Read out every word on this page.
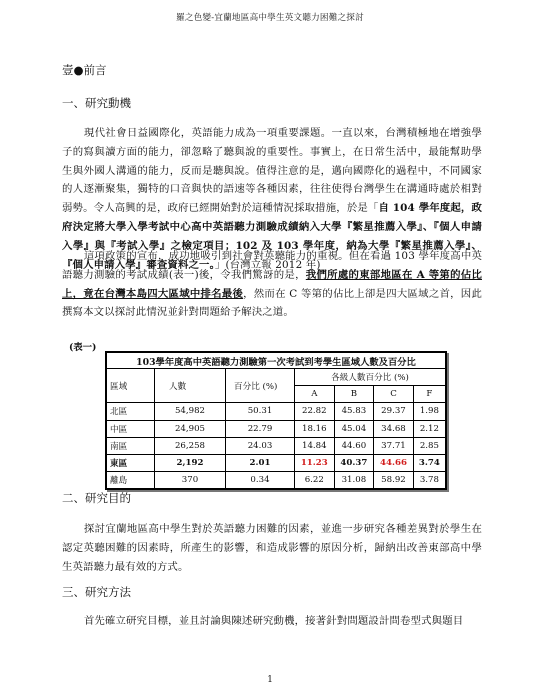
羅之色變-宜蘭地區高中學生英文聽力困難之探討
壹●前言
一、研究動機
現代社會日益國際化，英語能力成為一項重要課題。一直以來，台灣積極地在增強學子的寫與讀方面的能力，卻忽略了聽與說的重要性。事實上，在日常生活中，最能幫助學生與外國人溝通的能力，反而是聽與說。值得注意的是，邁向國際化的過程中，不同國家的人逐漸聚集，獨特的口音與快的語速等各種因素，往往使得台灣學生在溝通時處於相對弱勢。令人高興的是，政府已經開始對於這種情況採取措施，於是「自 104 學年度起，政府決定將大學入學考試中心高中英語聽力測驗成績納入大學『繁星推薦入學』、『個人申請入學』與『考試入學』之檢定項目；102 及 103 學年度，納為大學『繁星推薦入學』、『個人申請入學』審查資料之一。」(台灣立報 2012 年)
這項政策的宣布，成功地吸引到社會對英聽能力的重視。但在看過 103 學年度高中英語聽力測驗的考試成績(表一)後，令我們驚訝的是，我們所處的東部地區在 A 等第的佔比上，竟在台灣本島四大區域中排名最後，然而在 C 等第的佔比上卻是四大區域之首，因此撰寫本文以探討此情況並針對問題給予解決之道。
(表一)
103學年度高中英語聽力測驗第一次考試到考學生區域人數及百分比						
區域	人數	百分比 (%)	各級人數百分比 (%)			
			A	B	C	F
北區	54,982	50.31	22.82	45.83	29.37	1.98
中區	24,905	22.79	18.16	45.04	34.68	2.12
南區	26,258	24.03	14.84	44.60	37.71	2.85
東區	2,192	2.01	11.23	40.37	44.66	3.74
離島	370	0.34	6.22	31.08	58.92	3.78
二、研究目的
探討宜蘭地區高中學生對於英語聽力困難的因素，並進一步研究各種差異對於學生在認定英聽困難的因素時，所產生的影響，和造成影響的原因分析，歸納出改善東部高中學生英語聽力最有效的方式。
三、研究方法
首先確立研究目標，並且討論與陳述研究動機，接著針對問題設計問卷型式與題目
1
